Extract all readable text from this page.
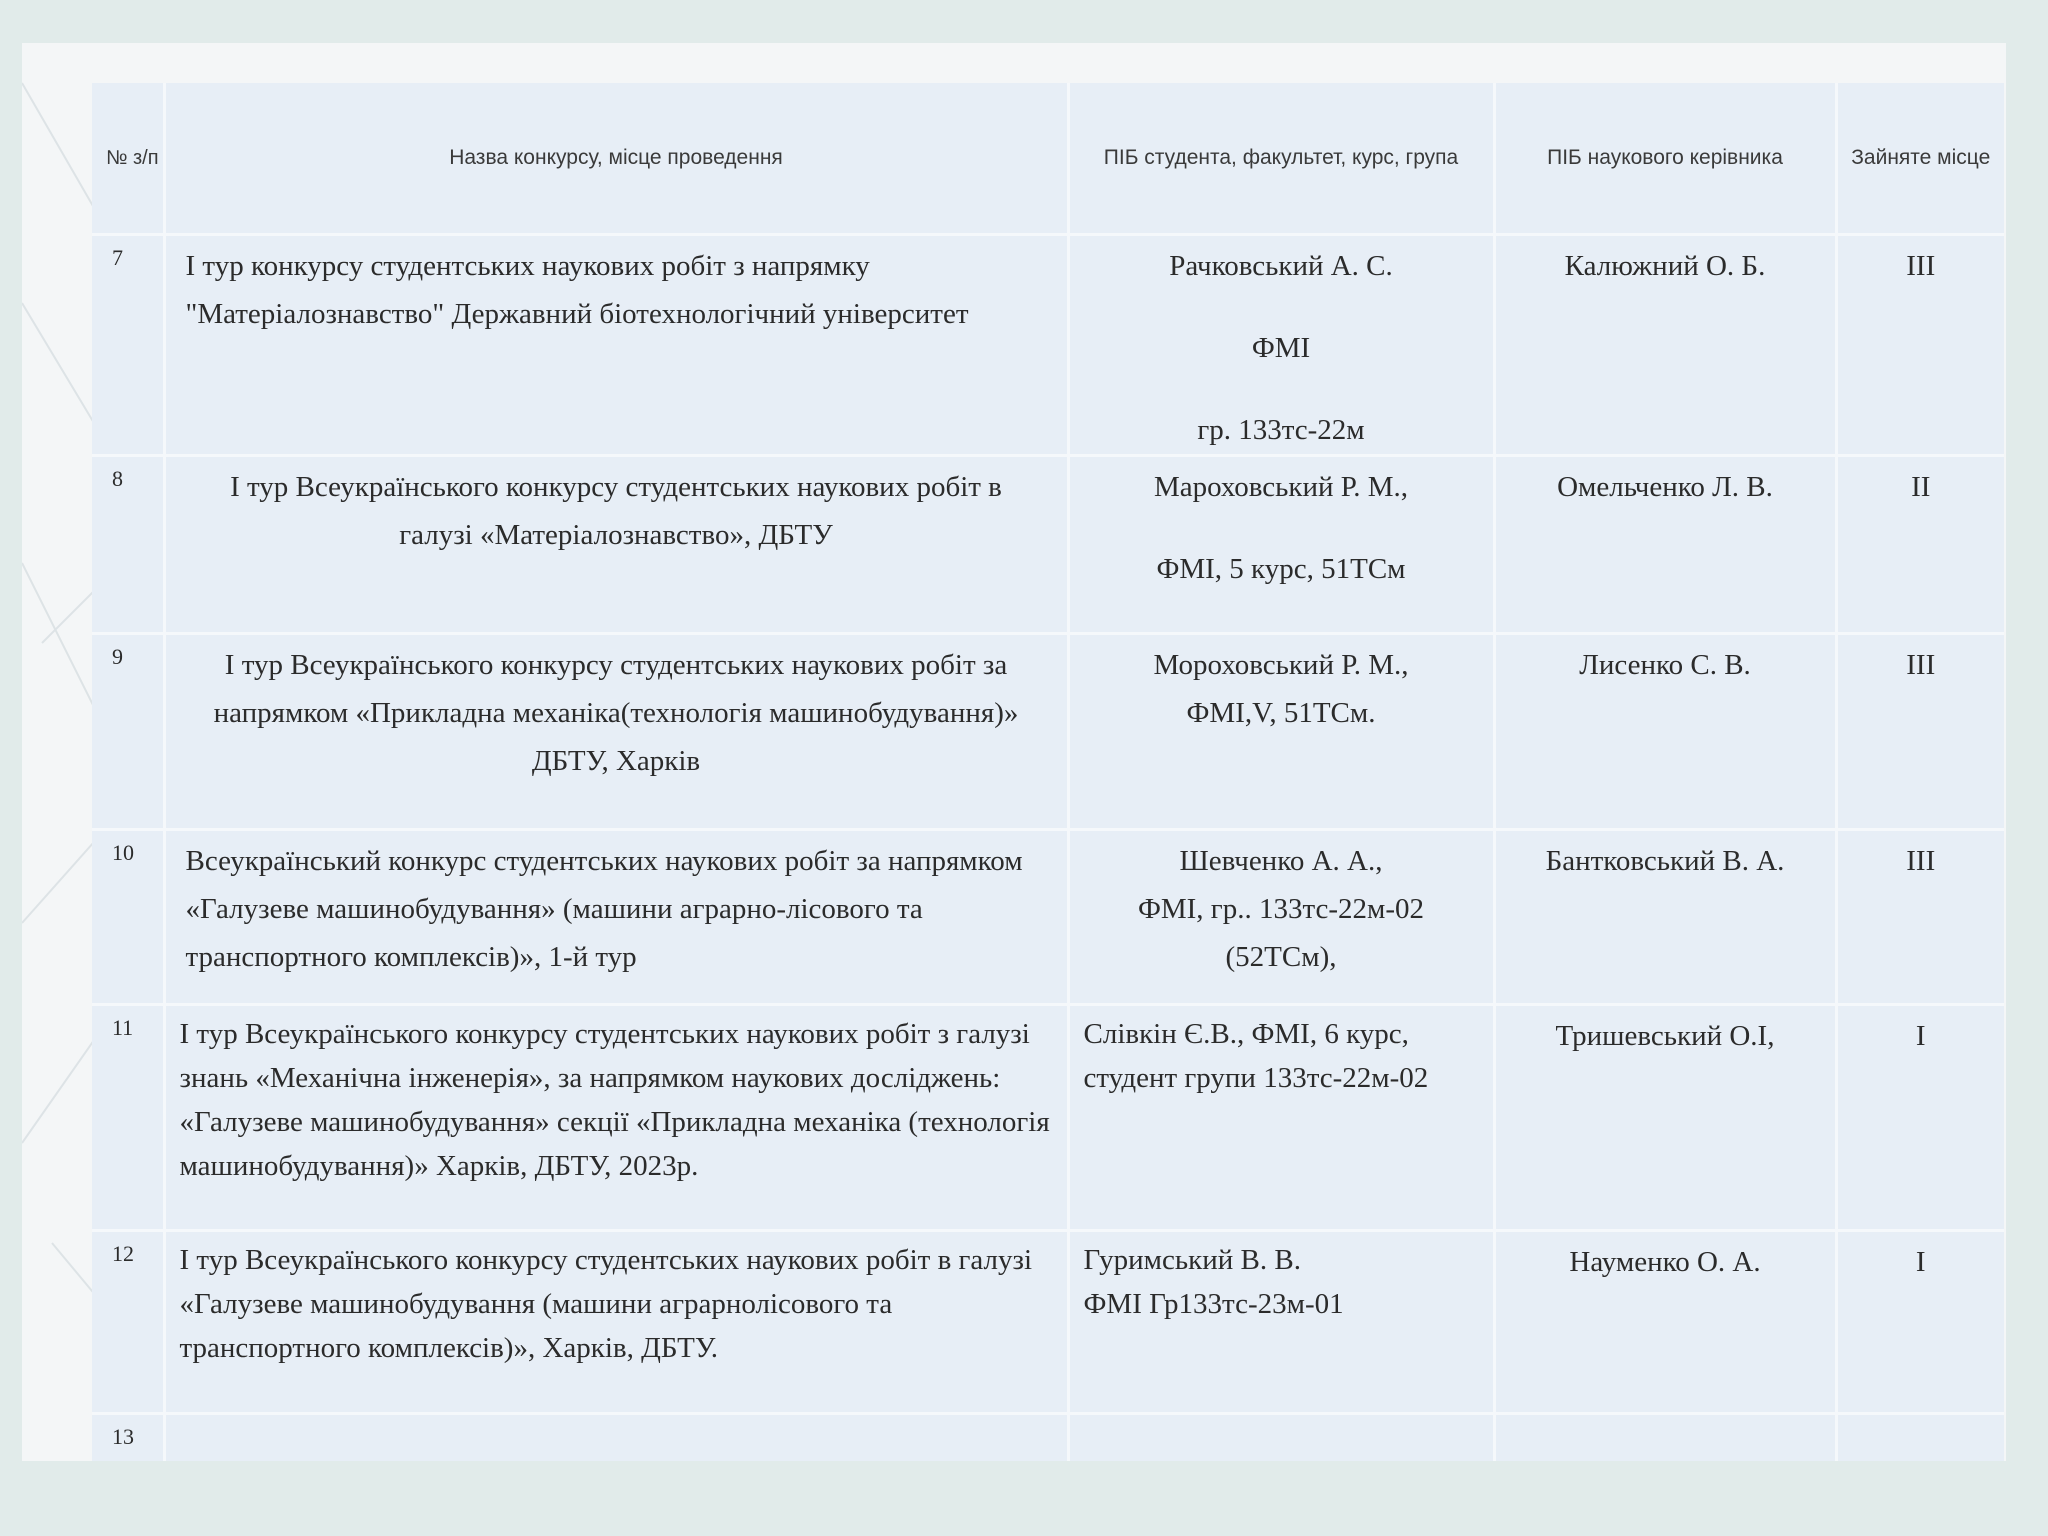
№ з/п	Назва конкурсу, місце проведення	ПІБ студента, факультет, курс, група	ПІБ наукового керівника	Зайняте місце
7	І тур конкурсу студентських наукових робіт з напрямку "Матеріалознавство" Державний біотехнологічний університет	Рачковський А. С.
ФМІ
гр. 133тс-22м	Калюжний О. Б.	III
8	І тур Всеукраїнського конкурсу студентських наукових робіт в галузі «Матеріалознавство», ДБТУ	Мароховський Р. М.,
ФМІ, 5 курс, 51ТСм	Омельченко Л. В.	II
9	І тур Всеукраїнського конкурсу студентських наукових робіт за напрямком «Прикладна механіка(технологія машинобудування)» ДБТУ, Харків	Мороховський Р. М.,
ФМІ,V, 51ТСм.	Лисенко С. В.	III
10	Всеукраїнський конкурс студентських наукових робіт за напрямком «Галузеве машинобудування» (машини аграрно-лісового та транспортного комплексів)», 1-й тур	Шевченко А. А.,
ФМІ, гр.. 133тс-22м-02
(52ТСм),	Бантковський В. А.	III
11	І тур Всеукраїнського конкурсу студентських наукових робіт з галузі знань «Механічна інженерія», за напрямком наукових досліджень: «Галузеве машинобудування» секції «Прикладна механіка (технологія машинобудування)» Харків, ДБТУ, 2023р.	Слівкін Є.В., ФМІ, 6 курс,
студент групи 133тс-22м-02	Тришевський О.І,	I
12	І тур Всеукраїнського конкурсу студентських наукових робіт в галузі «Галузеве машинобудування (машини аграрнолісового та транспортного комплексів)», Харків, ДБТУ.	Гуримський В. В.
ФМІ Гр133тс-23м-01	Науменко О. А.	I
13				
